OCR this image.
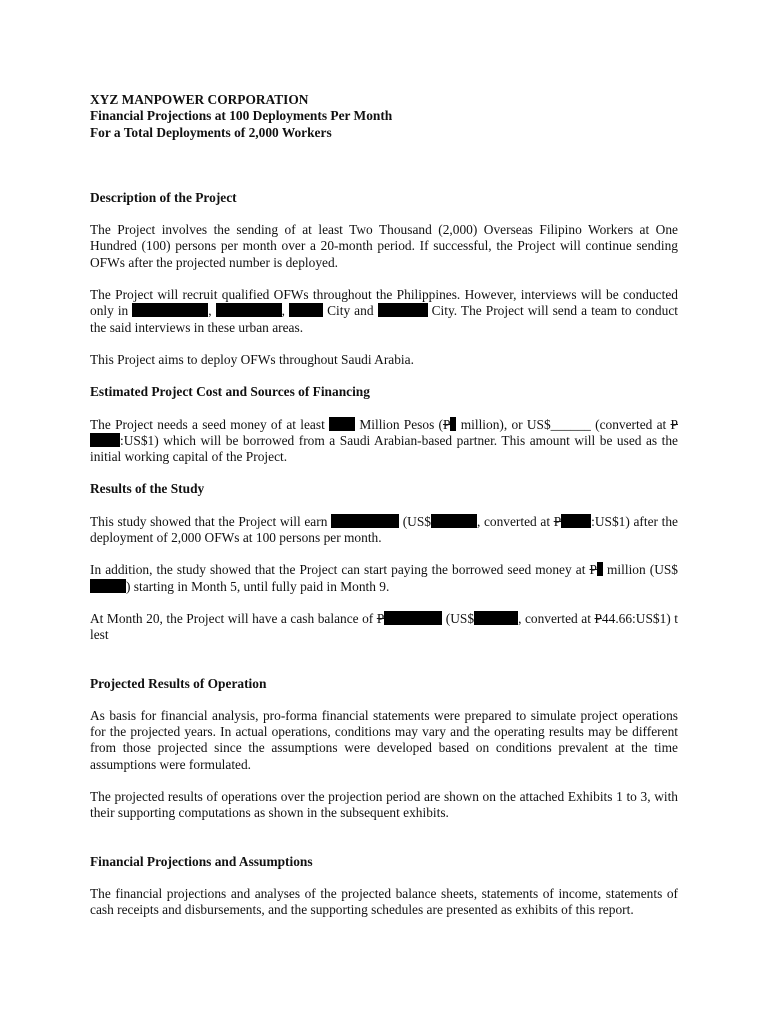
XYZ MANPOWER CORPORATION
Financial Projections at 100 Deployments Per Month
For a Total Deployments of 2,000 Workers
Description of the Project

The Project involves the sending of at least Two Thousand (2,000) Overseas Filipino Workers at One Hundred (100) persons per month over a 20-month period. If successful, the Project will continue sending OFWs after the projected number is deployed.

The Project will recruit qualified OFWs throughout the Philippines. However, interviews will be conducted only in	,	,	City and	City. The Project will send a team to conduct the said interviews in these urban areas.

This Project aims to deploy OFWs throughout Saudi Arabia.

Estimated Project Cost and Sources of Financing

The Project needs a seed money of at least	Million Pesos (P million), or US$______ (converted at P:US$1) which will be borrowed from a Saudi Arabian-based partner. This amount will be used as the initial working capital of the Project.

Results of the Study

This study showed that the Project will earn	(US$	, converted at P :US$1) after the deployment of 2,000 OFWs at 100 persons per month.

In addition, the study showed that the Project can start paying the borrowed seed money at P million (US$) starting in Month 5, until fully paid in Month 9.

At Month 20, the Project will have a cash balance of P	(US$	, converted at P44.66:US$1) t lest

Projected Results of Operation

As basis for financial analysis, pro-forma financial statements were prepared to simulate project operations for the projected years. In actual operations, conditions may vary and the operating results may be different from those projected since the assumptions were developed based on conditions prevalent at the time assumptions were formulated.

The projected results of operations over the projection period are shown on the attached Exhibits 1 to 3, with their supporting computations as shown in the subsequent exhibits.

Financial Projections and Assumptions

The financial projections and analyses of the projected balance sheets, statements of income, statements of cash receipts and disbursements, and the supporting schedules are presented as exhibits of this report.
